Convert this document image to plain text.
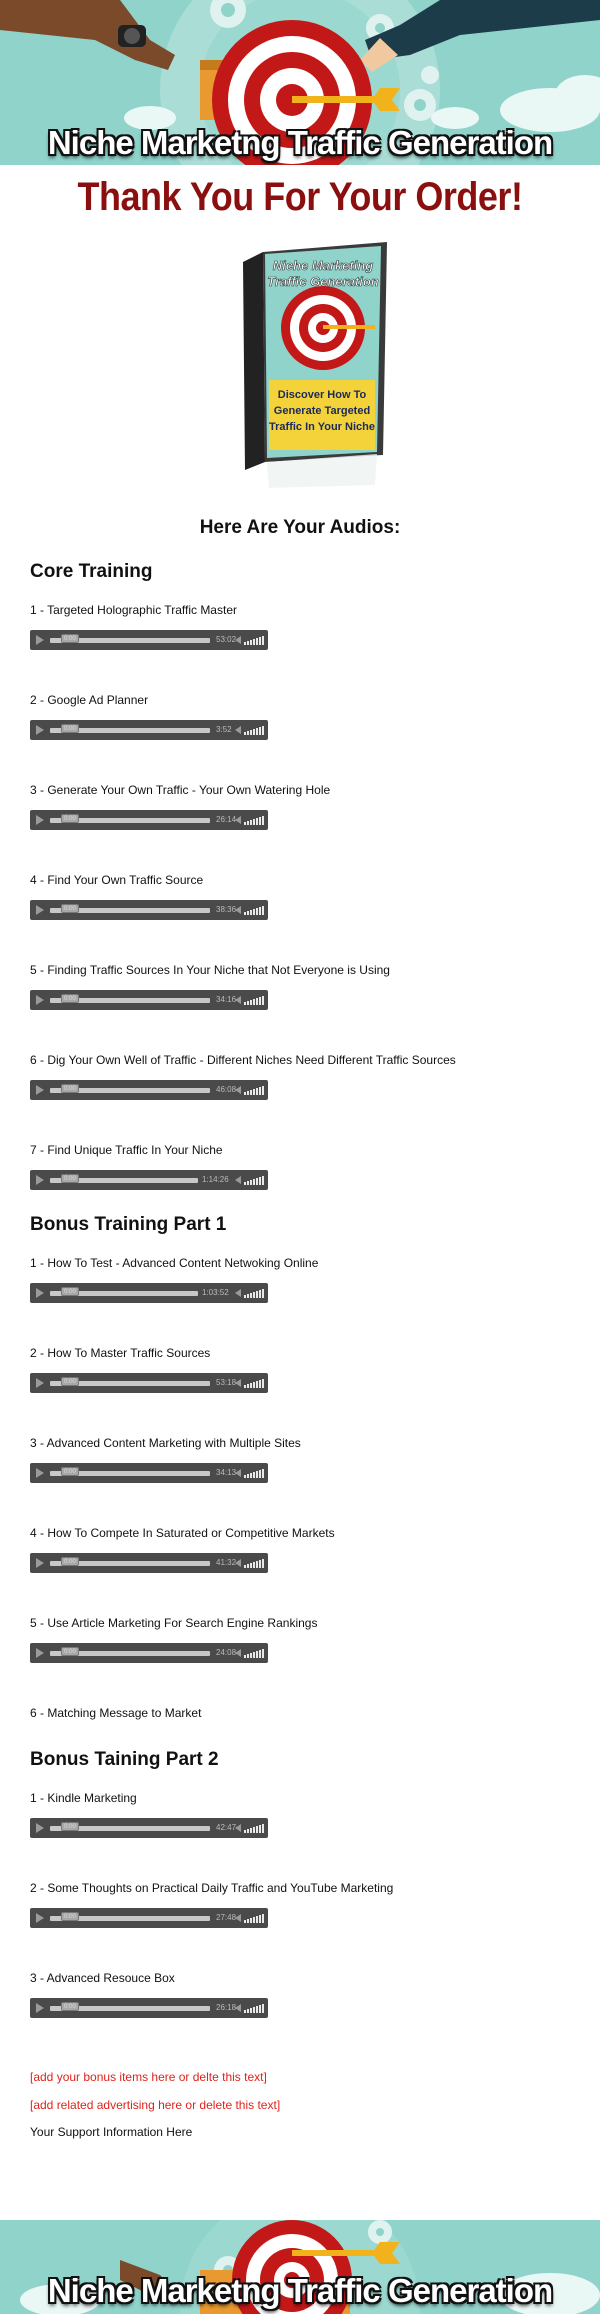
Niche Marketng Traffic Generation
Thank You For Your Order!
Niche Marketing
Traffic Generation
Discover How To
Generate Targeted
Traffic In Your Niche
Here Are Your Audios:
Core Training
1 - Targeted Holographic Traffic Master
0:00	53:02
2 - Google Ad Planner
0:00	3:52
3 - Generate Your Own Traffic - Your Own Watering Hole
0:00	26:14
4 - Find Your Own Traffic Source
0:00	38:36
5 - Finding Traffic Sources In Your Niche that Not Everyone is Using
0:00	34:16
6 - Dig Your Own Well of Traffic - Different Niches Need Different Traffic Sources
0:00	46:08
7 - Find Unique Traffic In Your Niche
0:00	1:14:26
Bonus Training Part 1
1 - How To Test - Advanced Content Netwoking Online
0:00	1:03:52
2 - How To Master Traffic Sources
0:00	53:18
3 - Advanced Content Marketing with Multiple Sites
0:00	34:13
4 - How To Compete In Saturated or Competitive Markets
0:00	41:32
5 - Use Article Marketing For Search Engine Rankings
0:00	24:08
6 - Matching Message to Market
Bonus Taining Part 2
1 - Kindle Marketing
0:00	42:47
2 - Some Thoughts on Practical Daily Traffic and YouTube Marketing
0:00	27:48
3 - Advanced Resouce Box
0:00	26:18
[add your bonus items here or delte this text]
[add related advertising here or delete this text]
Your Support Information Here
Niche Marketng Traffic Generation
